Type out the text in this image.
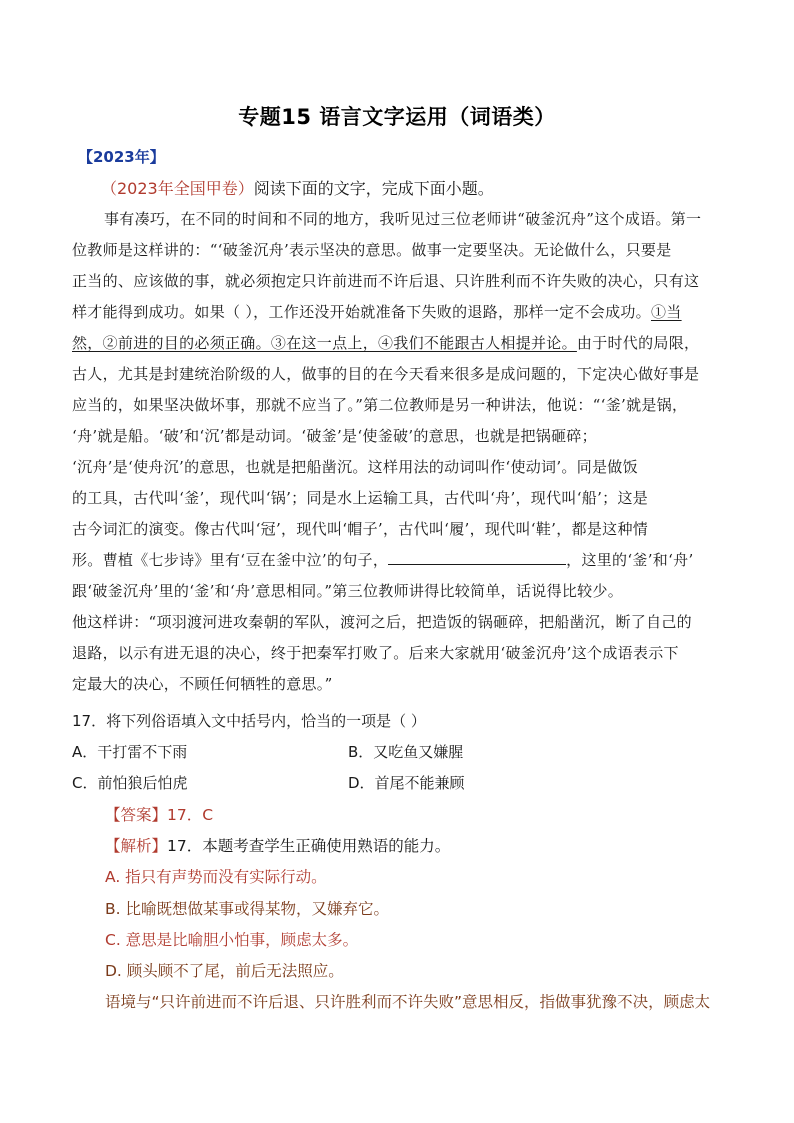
专题15 语言文字运用（词语类）
【2023年】
（2023年全国甲卷）阅读下面的文字，完成下面小题。
事有凑巧，在不同的时间和不同的地方，我听见过三位老师讲“破釜沉舟”这个成语。第一
位教师是这样讲的：“‘破釜沉舟’表示坚决的意思。做事一定要坚决。无论做什么，只要是
正当的、应该做的事，就必须抱定只许前进而不许后退、只许胜利而不许失败的决心，只有这
样才能得到成功。如果（ ），工作还没开始就准备下失败的退路，那样一定不会成功。①当
然，②前进的目的必须正确。③在这一点上，④我们不能跟古人相提并论。由于时代的局限，
古人，尤其是封建统治阶级的人，做事的目的在今天看来很多是成问题的，下定决心做好事是
应当的，如果坚决做坏事，那就不应当了。”第二位教师是另一种讲法，他说：“‘釜’就是锅，
‘舟’就是船。‘破’和‘沉’都是动词。‘破釜’是‘使釜破’的意思，也就是把锅砸碎；
‘沉舟’是‘使舟沉’的意思，也就是把船凿沉。这样用法的动词叫作‘使动词’。同是做饭
的工具，古代叫‘釜’，现代叫‘锅’；同是水上运输工具，古代叫‘舟’，现代叫‘船’；这是
古今词汇的演变。像古代叫‘冠’，现代叫‘帽子’，古代叫‘履’，现代叫‘鞋’，都是这种情
形。曹植《七步诗》里有‘豆在釜中泣’的句子，	，这里的‘釜’和‘舟’
跟‘破釜沉舟’里的‘釜’和‘舟’意思相同。”第三位教师讲得比较简单，话说得比较少。
他这样讲：“项羽渡河进攻秦朝的军队，渡河之后，把造饭的锅砸碎，把船凿沉，断了自己的
退路，以示有进无退的决心，终于把秦军打败了。后来大家就用‘破釜沉舟’这个成语表示下
定最大的决心，不顾任何牺牲的意思。”
17．将下列俗语填入文中括号内，恰当的一项是（ ）
A．干打雷不下雨	B．又吃鱼又嫌腥
C．前怕狼后怕虎	D．首尾不能兼顾
【答案】17．C
【解析】17．本题考查学生正确使用熟语的能力。
A. 指只有声势而没有实际行动。
B. 比喻既想做某事或得某物，又嫌弃它。
C. 意思是比喻胆小怕事，顾虑太多。
D. 顾头顾不了尾，前后无法照应。
语境与“只许前进而不许后退、只许胜利而不许失败”意思相反，指做事犹豫不决，顾虑太
